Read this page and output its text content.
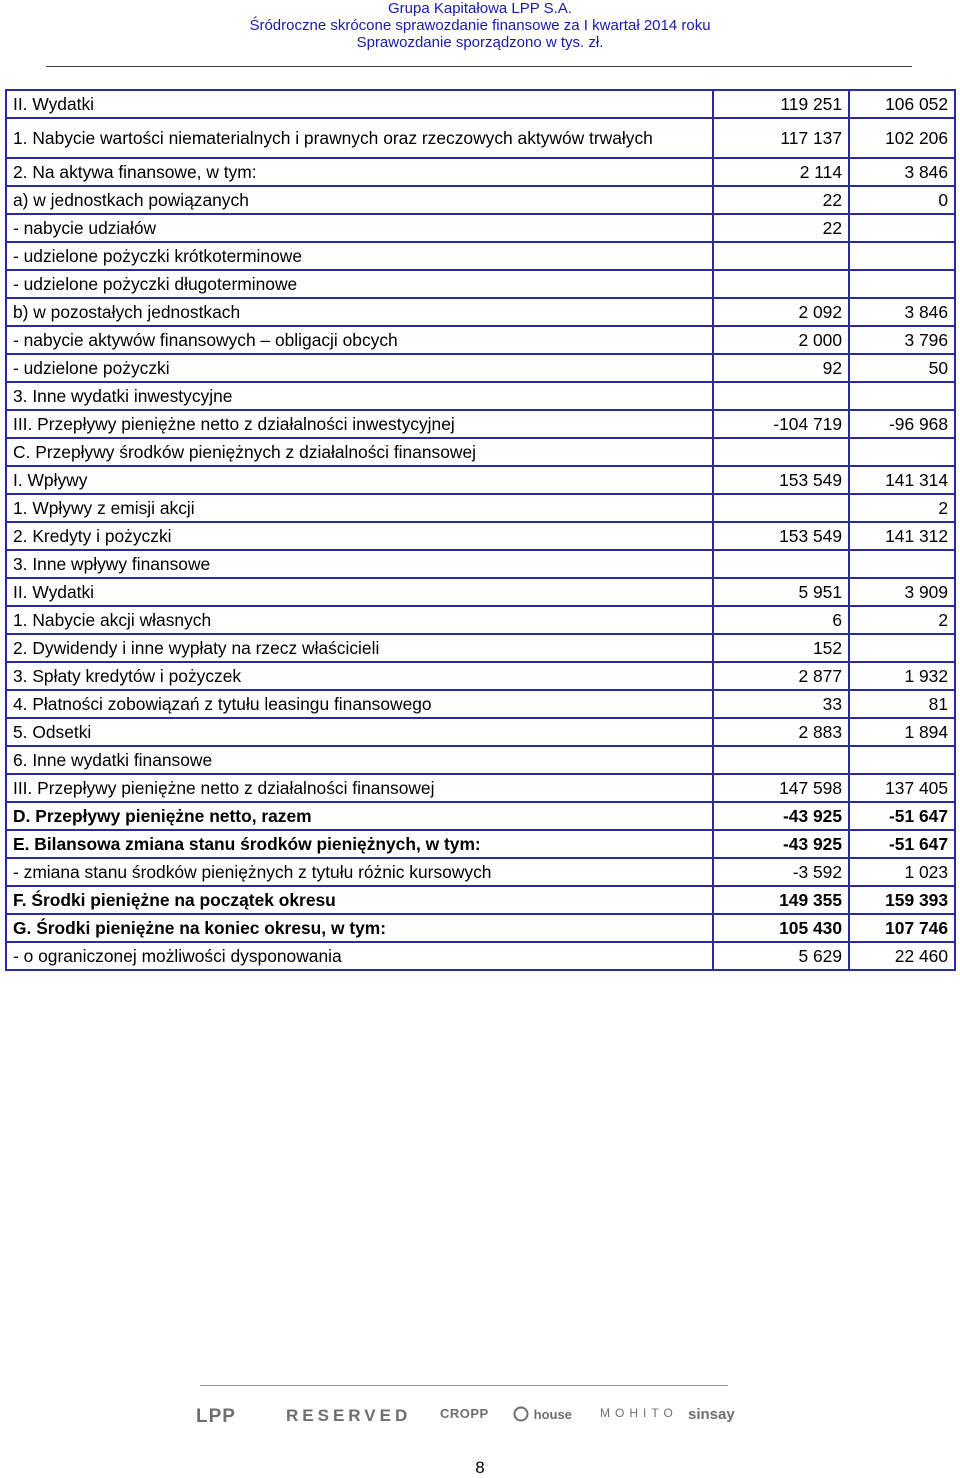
Grupa Kapitałowa LPP S.A.
Śródroczne skrócone sprawozdanie finansowe za I kwartał 2014 roku
Sprawozdanie sporządzono w tys. zł.
II. Wydatki	119 251	106 052
1. Nabycie wartości niematerialnych i prawnych oraz rzeczowych aktywów trwałych	117 137	102 206
2. Na aktywa finansowe, w tym:	2 114	3 846
a) w jednostkach powiązanych	22	0
- nabycie udziałów	22	
- udzielone pożyczki krótkoterminowe		
- udzielone pożyczki długoterminowe		
b) w pozostałych jednostkach	2 092	3 846
- nabycie aktywów finansowych – obligacji obcych	2 000	3 796
- udzielone pożyczki	92	50
3. Inne wydatki inwestycyjne		
III. Przepływy pieniężne netto z działalności inwestycyjnej	-104 719	-96 968
C. Przepływy środków pieniężnych z działalności finansowej		
I. Wpływy	153 549	141 314
1. Wpływy z emisji akcji		2
2. Kredyty i pożyczki	153 549	141 312
3. Inne wpływy finansowe		
II. Wydatki	5 951	3 909
1. Nabycie akcji własnych	6	2
2. Dywidendy i inne wypłaty na rzecz właścicieli	152	
3. Spłaty kredytów i pożyczek	2 877	1 932
4. Płatności zobowiązań z tytułu leasingu finansowego	33	81
5. Odsetki	2 883	1 894
6. Inne wydatki finansowe		
III. Przepływy pieniężne netto z działalności finansowej	147 598	137 405
D. Przepływy pieniężne netto, razem	-43 925	-51 647
E. Bilansowa zmiana stanu środków pieniężnych, w tym:	-43 925	-51 647
- zmiana stanu środków pieniężnych z tytułu różnic kursowych	-3 592	1 023
F. Środki pieniężne na początek okresu	149 355	159 393
G. Środki pieniężne na koniec okresu, w tym:	105 430	107 746
- o ograniczonej możliwości dysponowania	5 629	22 460
LPP	RESERVED CROPP	house MOHITO sinsay
8
